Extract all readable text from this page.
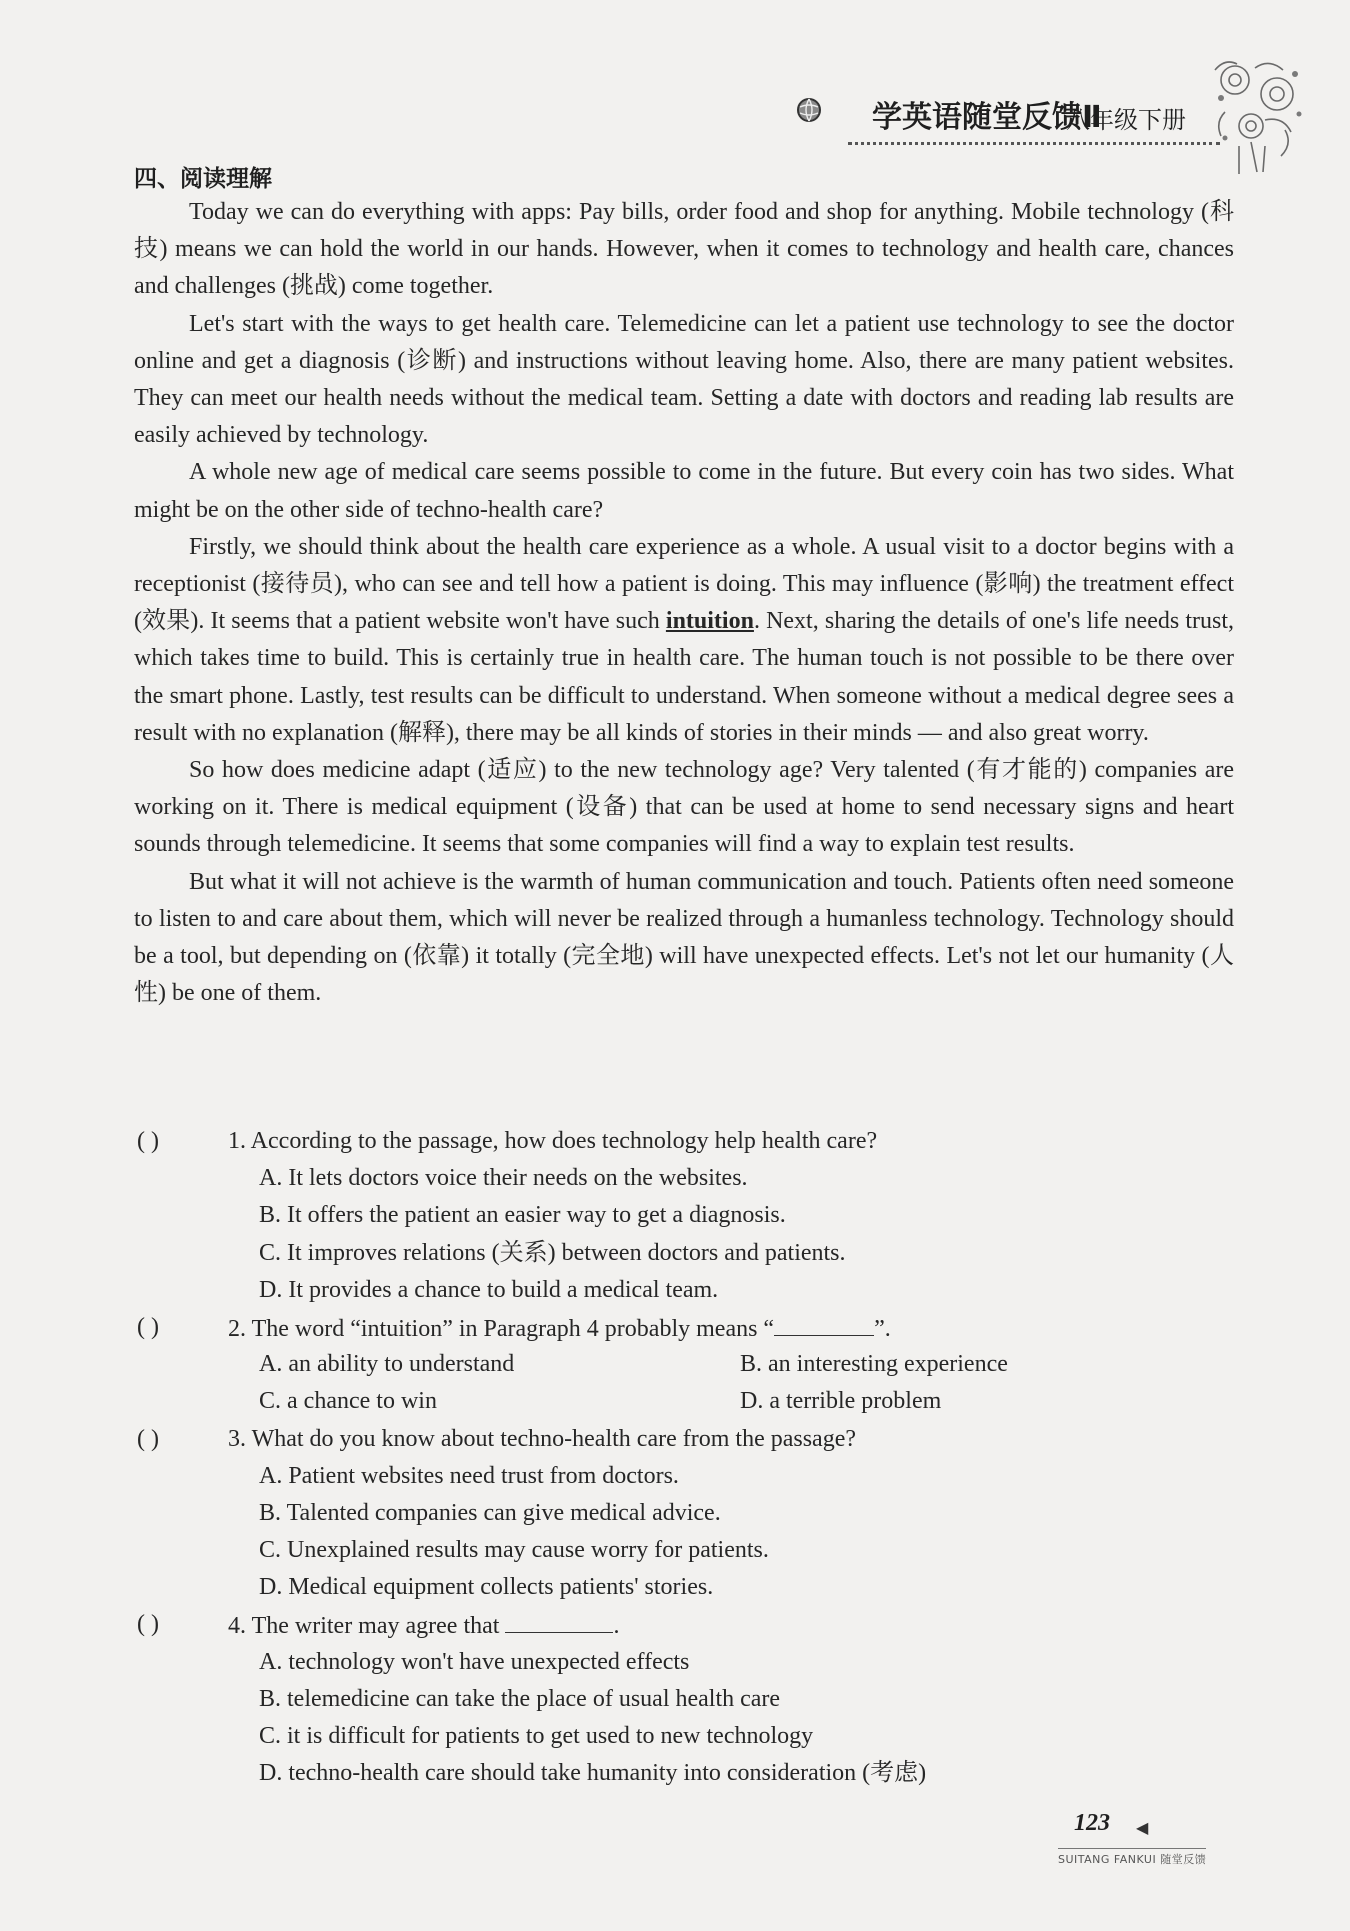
学英语随堂反馈Ⅱ
八年级下册
四、阅读理解

Today we can do everything with apps: Pay bills, order food and shop for anything. Mobile technology (科技) means we can hold the world in our hands. However, when it comes to technology and health care, chances and challenges (挑战) come together.

Let's start with the ways to get health care. Telemedicine can let a patient use technology to see the doctor online and get a diagnosis (诊断) and instructions without leaving home. Also, there are many patient websites. They can meet our health needs without the medical team. Setting a date with doctors and reading lab results are easily achieved by technology.

A whole new age of medical care seems possible to come in the future. But every coin has two sides. What might be on the other side of techno-health care?

Firstly, we should think about the health care experience as a whole. A usual visit to a doctor begins with a receptionist (接待员), who can see and tell how a patient is doing. This may influence (影响) the treatment effect (效果). It seems that a patient website won't have such intuition. Next, sharing the details of one's life needs trust, which takes time to build. This is certainly true in health care. The human touch is not possible to be there over the smart phone. Lastly, test results can be difficult to understand. When someone without a medical degree sees a result with no explanation (解释), there may be all kinds of stories in their minds — and also great worry.

So how does medicine adapt (适应) to the new technology age? Very talented (有才能的) companies are working on it. There is medical equipment (设备) that can be used at home to send necessary signs and heart sounds through telemedicine. It seems that some companies will find a way to explain test results.

But what it will not achieve is the warmth of human communication and touch. Patients often need someone to listen to and care about them, which will never be realized through a humanless technology. Technology should be a tool, but depending on (依靠) it totally (完全地) will have unexpected effects. Let's not let our humanity (人性) be one of them.

( )	1. According to the passage, how does technology help health care?
A. It lets doctors voice their needs on the websites.
B. It offers the patient an easier way to get a diagnosis.
C. It improves relations (关系) between doctors and patients.
D. It provides a chance to build a medical team.
( )	2. The word “intuition” in Paragraph 4 probably means “	”.
A. an ability to understand	B. an interesting experience
C. a chance to win	D. a terrible problem
( )	3. What do you know about techno-health care from the passage?
A. Patient websites need trust from doctors.
B. Talented companies can give medical advice.
C. Unexplained results may cause worry for patients.
D. Medical equipment collects patients' stories.
( )	4. The writer may agree that	.
A. technology won't have unexpected effects
B. telemedicine can take the place of usual health care
C. it is difficult for patients to get used to new technology
D. techno-health care should take humanity into consideration (考虑)
123 ◀
SUITANG FANKUI 随堂反馈
